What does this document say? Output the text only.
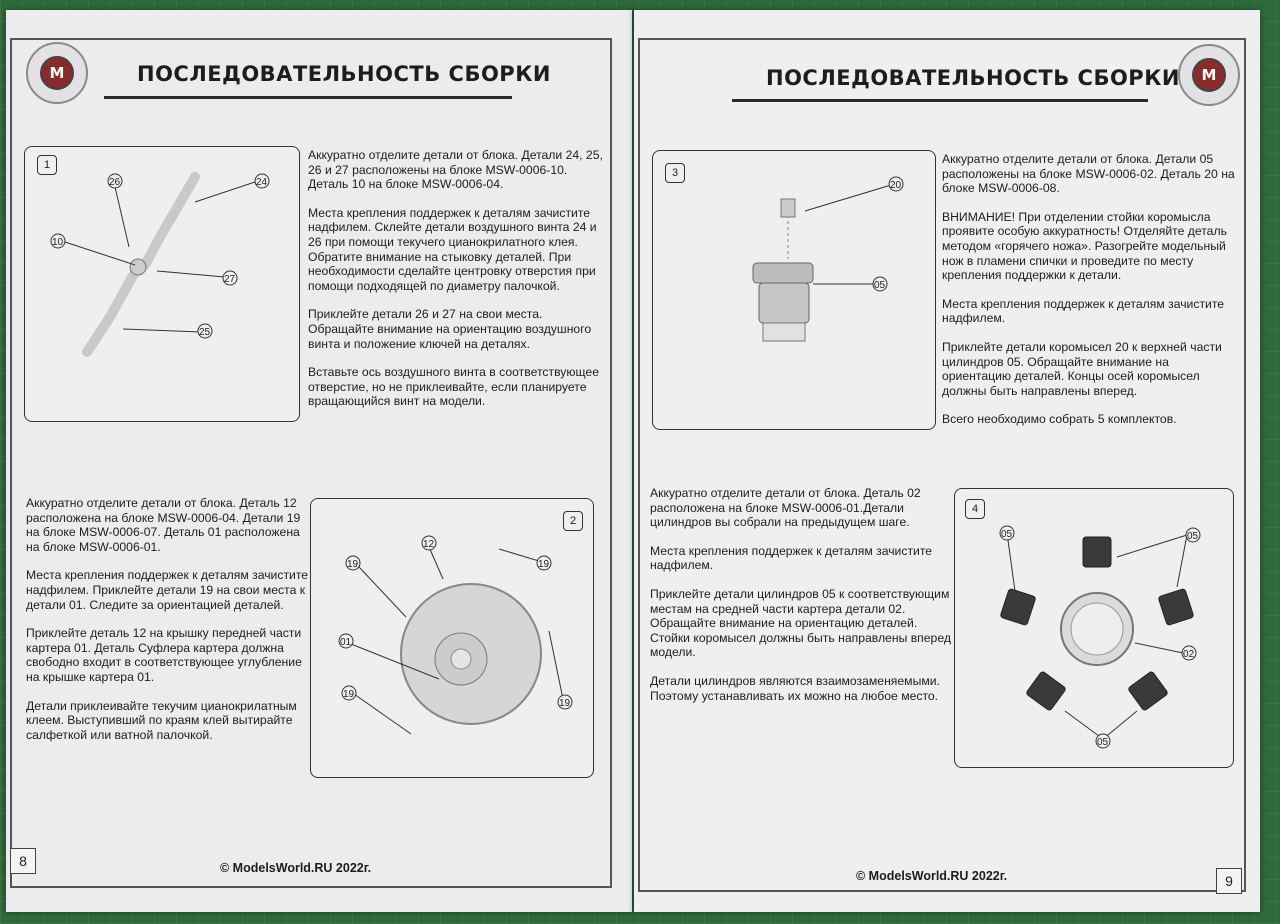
M	ПОСЛЕДОВАТЕЛЬНОСТЬ СБОРКИ
1
26	24
10
27
25

Аккуратно отделите детали от блока. Детали 24, 25, 26 и 27 расположены на блоке MSW-0006-10. Деталь 10 на блоке MSW-0006-04.

Места крепления поддержек к деталям зачистите надфилем. Склейте детали воздушного винта 24 и 26 при помощи текучего цианокрилатного клея. Обратите внимание на стыковку деталей. При необходимости сделайте центровку отверстия при помощи подходящей по диаметру палочкой.

Приклейте детали 26 и 27 на свои места. Обращайте внимание на ориентацию воздушного винта и положение ключей на деталях.

Вставьте ось воздушного винта в соответствующее отверстие, но не приклеивайте, если планируете вращающийся винт на модели.

Аккуратно отделите детали от блока. Деталь 12 расположена на блоке MSW-0006-04. Детали 19 на блоке MSW-0006-07. Деталь 01 расположена на блоке MSW-0006-01.

Места крепления поддержек к деталям зачистите надфилем. Приклейте детали 19 на свои места к детали 01. Следите за ориентацией деталей.

Приклейте деталь 12 на крышку передней части картера 01. Деталь Суфлера картера должна свободно входит в соответствующее углубление на крышке картера 01.

Детали приклеивайте текучим цианокрилатным клеем. Выступивший по краям клей вытирайте салфеткой или ватной палочкой.

2
12
19
19
01
19
19
8	© ModelsWorld.RU 2022г.
M
ПОСЛЕДОВАТЕЛЬНОСТЬ СБОРКИ
3
20
05

Аккуратно отделите детали от блока. Детали 05 расположены на блоке MSW-0006-02. Деталь 20 на блоке MSW-0006-08.

ВНИМАНИЕ! При отделении стойки коромысла проявите особую аккуратность! Отделяйте деталь методом «горячего ножа». Разогрейте модельный нож в пламени спички и проведите по месту крепления поддержки к детали.

Места крепления поддержек к деталям зачистите надфилем.

Приклейте детали коромысел 20 к верхней части цилиндров 05. Обращайте внимание на ориентацию деталей. Концы осей коромысел должны быть направлены вперед.

Всего необходимо собрать 5 комплектов.

Аккуратно отделите детали от блока. Деталь 02 расположена на блоке MSW-0006-01.Детали цилиндров вы собрали на предыдущем шаге.

Места крепления поддержек к деталям зачистите надфилем.

Приклейте детали цилиндров 05 к соответствующим местам на средней части картера детали 02. Обращайте внимание на ориентацию деталей. Стойки коромысел должны быть направлены вперед модели.

Детали цилиндров являются взаимозаменяемыми. Поэтому устанавливать их можно на любое место.

4
05	05
02
05
© ModelsWorld.RU 2022г.	9
